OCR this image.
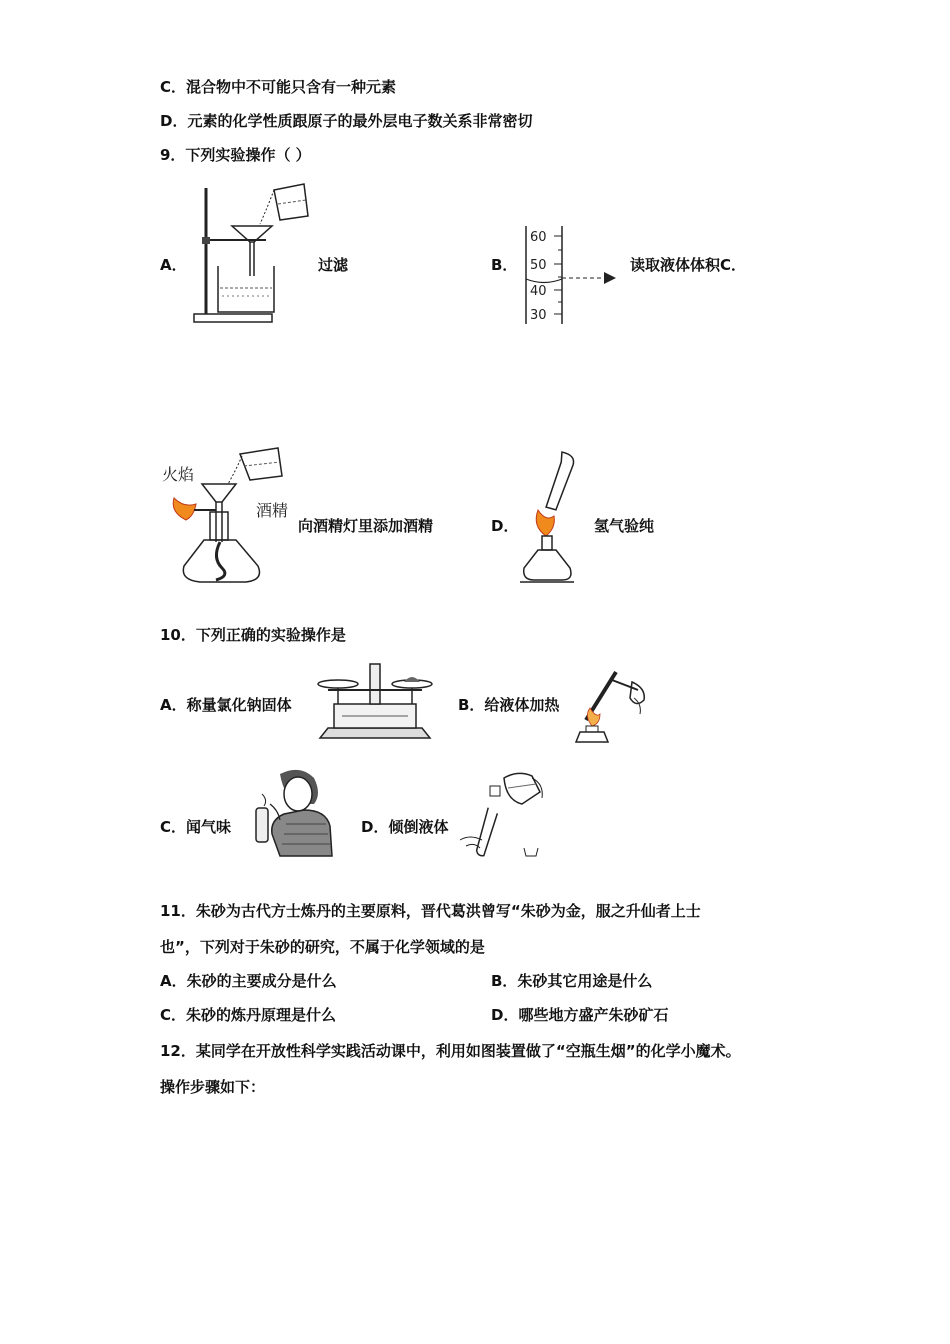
C．混合物中不可能只含有一种元素
D．元素的化学性质跟原子的最外层电子数关系非常密切
9．下列实验操作（ ）
A．	过滤	B．
60
50
40
30
读取液体体积C．
火焰
酒精
向酒精灯里添加酒精	D．	氢气验纯
10．下列正确的实验操作是
A．称量氯化钠固体	B．给液体加热
C．闻气味	D．倾倒液体
11．朱砂为古代方士炼丹的主要原料，晋代葛洪曾写“朱砂为金，服之升仙者上士
也”，下列对于朱砂的研究，不属于化学领域的是
A．朱砂的主要成分是什么	B．朱砂其它用途是什么
C．朱砂的炼丹原理是什么	D．哪些地方盛产朱砂矿石
12．某同学在开放性科学实践活动课中，利用如图装置做了“空瓶生烟”的化学小魔术。
操作步骤如下：
